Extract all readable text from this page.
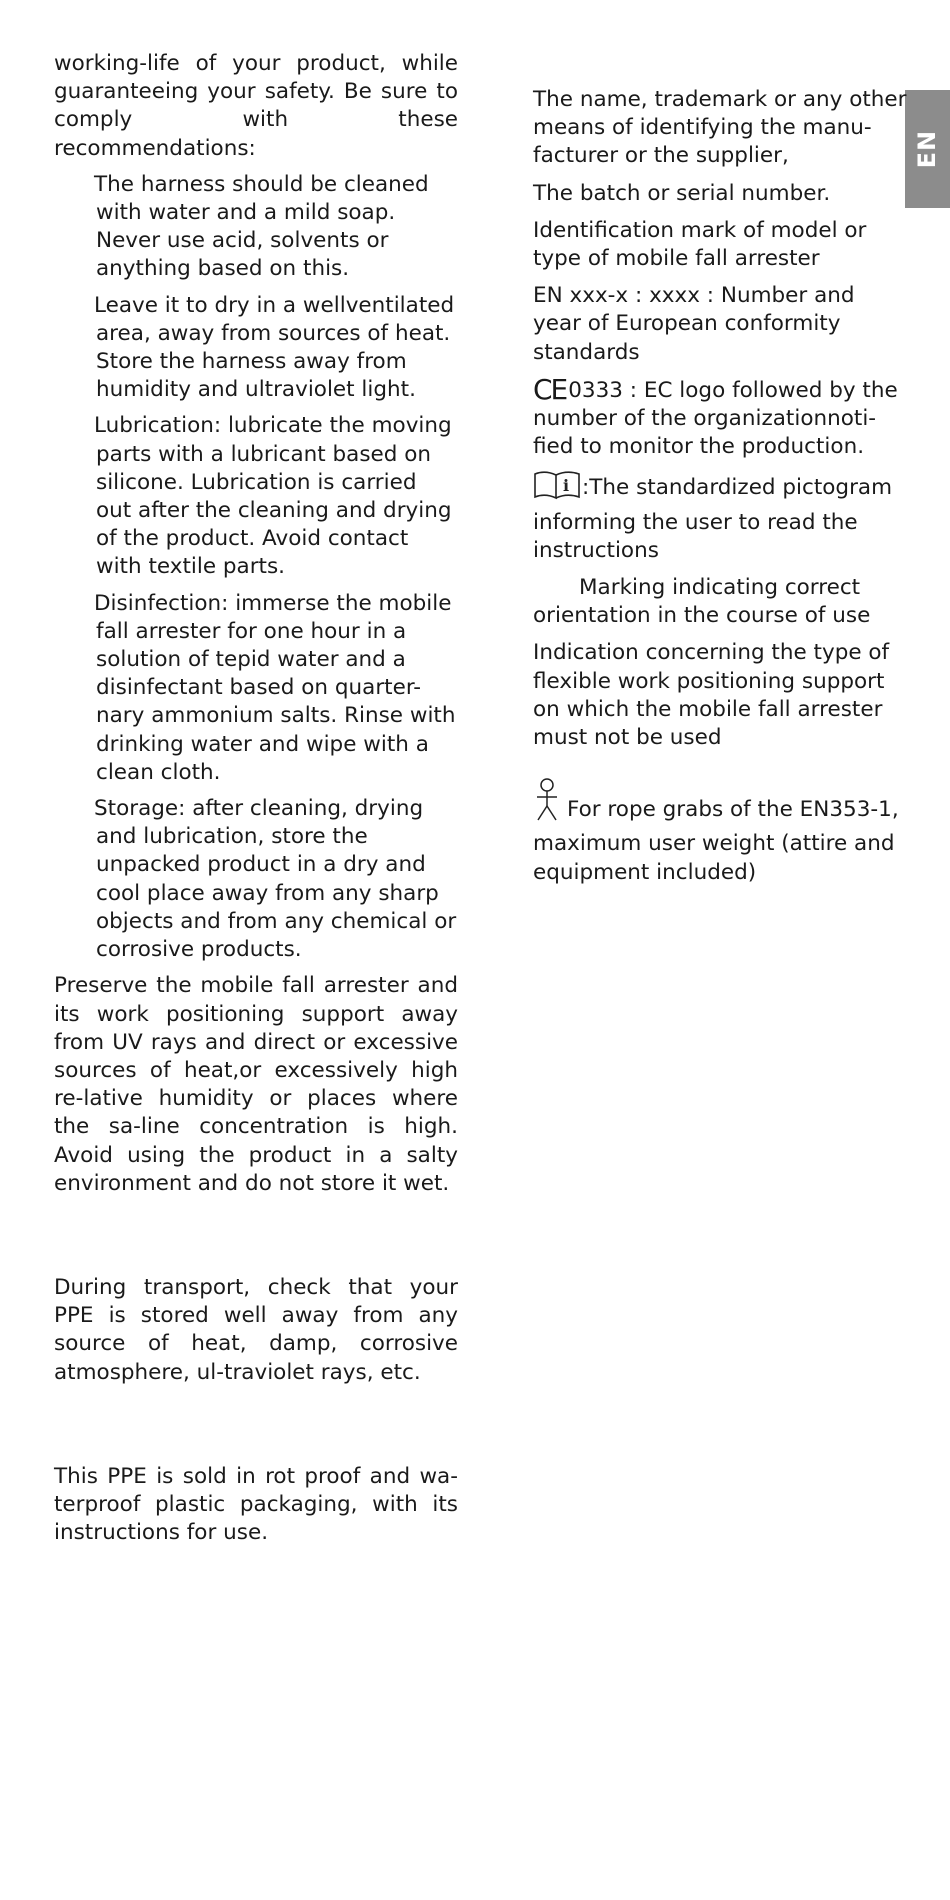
EN

working-life of your product, while guaranteeing your safety. Be sure to comply with these recommendations:

The harness should be cleaned with water and a mild soap. Never use acid, solvents or anything based on this.

Leave it to dry in a wellventilated area, away from sources of heat. Store the harness away from humidity and ultraviolet light.

Lubrication: lubricate the moving parts with a lubricant based on silicone. Lubrication is carried out after the cleaning and drying of the product. Avoid contact with textile parts.

Disinfection: immerse the mobile fall arrester for one hour in a solution of tepid water and a disinfectant based on quarter-nary ammonium salts. Rinse with drinking water and wipe with a clean cloth.

Storage: after cleaning, drying and lubrication, store the unpacked product in a dry and cool place away from any sharp objects and from any chemical or corrosive products.

Preserve the mobile fall arrester and its work positioning support away from UV rays and direct or excessive sources of heat,or excessively high re-lative humidity or places where the sa-line concentration is high. Avoid using the product in a salty environment and do not store it wet.

During transport, check that your PPE is stored well away from any source of heat, damp, corrosive atmosphere, ul-traviolet rays, etc.

This PPE is sold in rot proof and wa-terproof plastic packaging, with its instructions for use.

The name, trademark or any other means of identifying the manu-facturer or the supplier,

The batch or serial number.

Identification mark of model or type of mobile fall arrester

EN xxx-x : xxxx : Number and year of European conformity standards

CE0333 : EC logo followed by the number of the organizationnoti-fied to monitor the production.

i :The standardized pictogram informing the user to read the instructions

Marking indicating correct orientation in the course of use

Indication concerning the type of flexible work positioning support on which the mobile fall arrester must not be used

For rope grabs of the EN353-1, maximum user weight (attire and equipment included)
